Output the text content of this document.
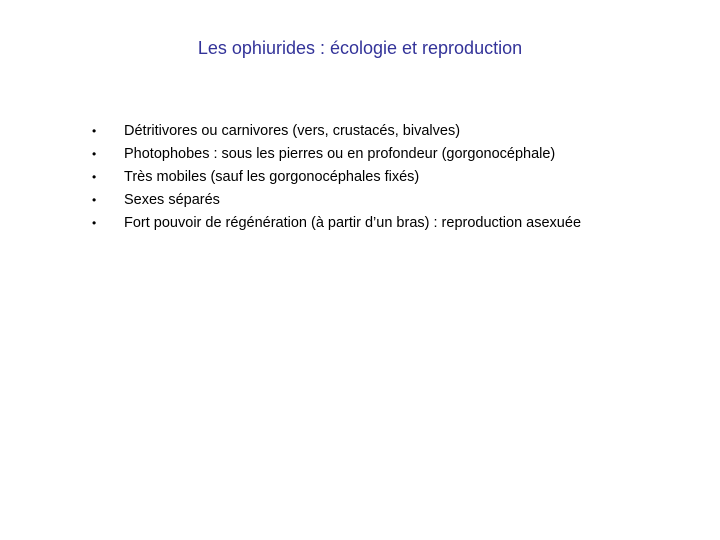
Les ophiurides : écologie et reproduction
•	Détritivores ou carnivores (vers, crustacés, bivalves)
•	Photophobes : sous les pierres ou en profondeur (gorgonocéphale)
•	Très mobiles (sauf les gorgonocéphales fixés)
•	Sexes séparés
•	Fort pouvoir de régénération (à partir d’un bras) : reproduction asexuée
